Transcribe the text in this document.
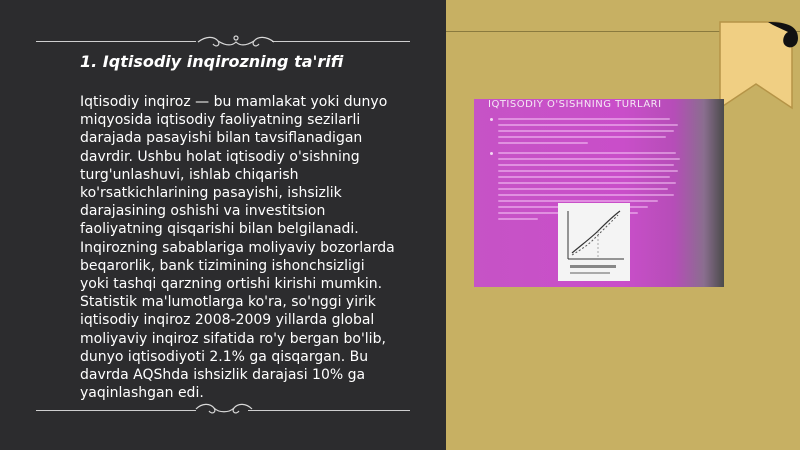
1. Iqtisodiy inqirozning ta'rifi
Iqtisodiy inqiroz — bu mamlakat yoki dunyo
miqyosida iqtisodiy faoliyatning sezilarli
darajada pasayishi bilan tavsiflanadigan
davrdir. Ushbu holat iqtisodiy o'sishning
turg'unlashuvi, ishlab chiqarish
ko'rsatkichlarining pasayishi, ishsizlik
darajasining oshishi va investitsion
faoliyatning qisqarishi bilan belgilanadi.
Inqirozning sabablariga moliyaviy bozorlarda
beqarorlik, bank tizimining ishonchsizligi
yoki tashqi qarzning ortishi kirishi mumkin.
Statistik ma'lumotlarga ko'ra, so'nggi yirik
iqtisodiy inqiroz 2008-2009 yillarda global
moliyaviy inqiroz sifatida ro'y bergan bo'lib,
dunyo iqtisodiyoti 2.1% ga qisqargan. Bu
davrda AQShda ishsizlik darajasi 10% ga
yaqinlashgan edi.
IQTISODIY O'SISHNING TURLARI
